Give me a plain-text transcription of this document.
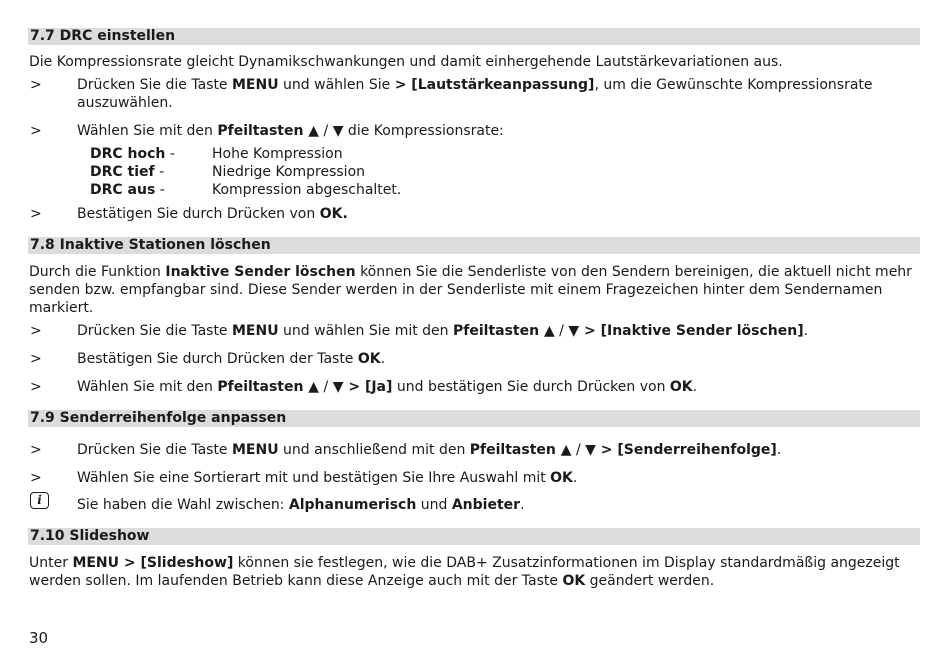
7.7 DRC einstellen
Die Kompressionsrate gleicht Dynamikschwankungen und damit einhergehende Lautstärkevariationen aus.
>	Drücken Sie die Taste MENU und wählen Sie > [Lautstärkeanpassung], um die Gewünschte Kompressionsrate
auszuwählen.
>	Wählen Sie mit den Pfeiltasten ▲ / ▼ die Kompressionsrate:
DRC hoch -	Hohe Kompression
DRC tief -	Niedrige Kompression
DRC aus -	Kompression abgeschaltet.
>	Bestätigen Sie durch Drücken von OK.
7.8 Inaktive Stationen löschen
Durch die Funktion Inaktive Sender löschen können Sie die Senderliste von den Sendern bereinigen, die aktuell nicht mehr
senden bzw. empfangbar sind. Diese Sender werden in der Senderliste mit einem Fragezeichen hinter dem Sendernamen
markiert.
>	Drücken Sie die Taste MENU und wählen Sie mit den Pfeiltasten ▲ / ▼ > [Inaktive Sender löschen].
>	Bestätigen Sie durch Drücken der Taste OK.
>	Wählen Sie mit den Pfeiltasten ▲ / ▼ > [Ja] und bestätigen Sie durch Drücken von OK.
7.9 Senderreihenfolge anpassen
>	Drücken Sie die Taste MENU und anschließend mit den Pfeiltasten ▲ / ▼ > [Senderreihenfolge].
>	Wählen Sie eine Sortierart mit und bestätigen Sie Ihre Auswahl mit OK.
i	Sie haben die Wahl zwischen: Alphanumerisch und Anbieter.
7.10 Slideshow
Unter MENU > [Slideshow] können sie festlegen, wie die DAB+ Zusatzinformationen im Display standardmäßig angezeigt
werden sollen. Im laufenden Betrieb kann diese Anzeige auch mit der Taste OK geändert werden.
30
